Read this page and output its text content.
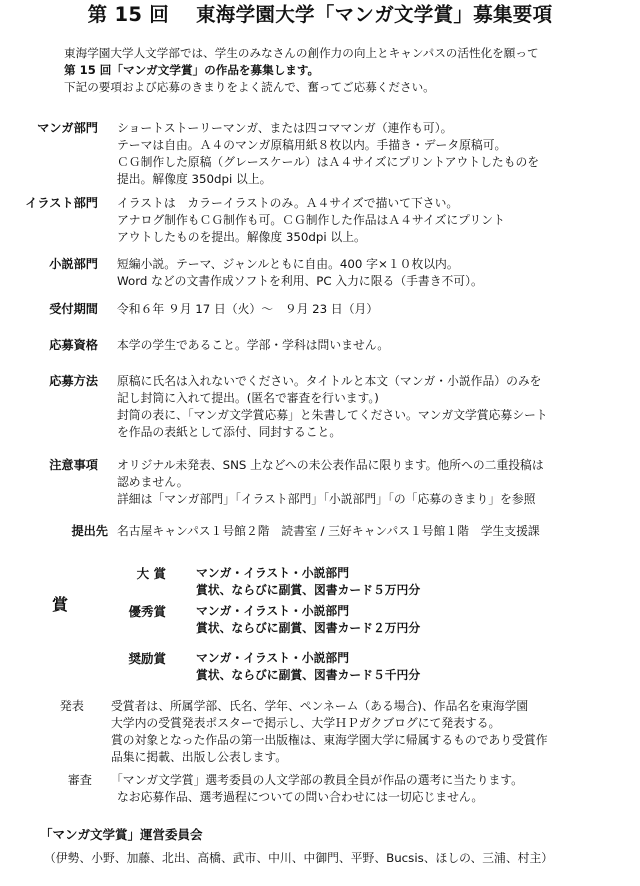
第 15 回　 東海学園大学「マンガ文学賞」募集要項
東海学園大学人文学部では、学生のみなさんの創作力の向上とキャンパスの活性化を願って
第 15 回「マンガ文学賞」の作品を募集します。
下記の要項および応募のきまりをよく読んで、奮ってご応募ください。
マンガ部門 ショートストーリーマンガ、または四コママンガ（連作も可）。
テーマは自由。Ａ４のマンガ原稿用紙８枚以内。手描き・データ原稿可。
ＣＧ制作した原稿（グレースケール）はＡ４サイズにプリントアウトしたものを
提出。解像度 350dpi 以上。
イラスト部門 イラストは　カラーイラストのみ。Ａ４サイズで描いて下さい。
アナログ制作もＣＧ制作も可。ＣＧ制作した作品はＡ４サイズにプリント
アウトしたものを提出。解像度 350dpi 以上。
小説部門 短編小説。テーマ、ジャンルともに自由。400 字×１０枚以内。
Word などの文書作成ソフトを利用、PC 入力に限る（手書き不可）。
受付期間 令和６年 ９月 17 日（火）～　９月 23 日（月）
応募資格 本学の学生であること。学部・学科は問いません。
応募方法 原稿に氏名は入れないでください。タイトルと本文（マンガ・小説作品）のみを
記し封筒に入れて提出。(匿名で審査を行います。)
封筒の表に、「マンガ文学賞応募」と朱書してください。マンガ文学賞応募シート
を作品の表紙として添付、同封すること。
注意事項 オリジナル未発表、SNS 上などへの未公表作品に限ります。他所への二重投稿は
認めません。
詳細は「マンガ部門」「イラスト部門」「小説部門」「の「応募のきまり」を参照
提出先 名古屋キャンパス１号館２階　読書室 / 三好キャンパス１号館１階　学生支援課
賞
大 賞	マンガ・イラスト・小説部門
賞状、ならびに副賞、図書カード５万円分
優秀賞	マンガ・イラスト・小説部門
賞状、ならびに副賞、図書カード２万円分
奨励賞	マンガ・イラスト・小説部門
賞状、ならびに副賞、図書カード５千円分
発表 受賞者は、所属学部、氏名、学年、ペンネーム（ある場合)、作品名を東海学園
大学内の受賞発表ポスターで掲示し、大学ＨＰガクブログにて発表する。
賞の対象となった作品の第一出版権は、東海学園大学に帰属するものであり受賞作
品集に掲載、出版し公表します。
審査 「マンガ文学賞」選考委員の人文学部の教員全員が作品の選考に当たります。
なお応募作品、選考過程についての問い合わせには一切応じません。
「マンガ文学賞」運営委員会
（伊勢、小野、加藤、北出、高橋、武市、中川、中御門、平野、Bucsis、ほしの、三浦、村主）
